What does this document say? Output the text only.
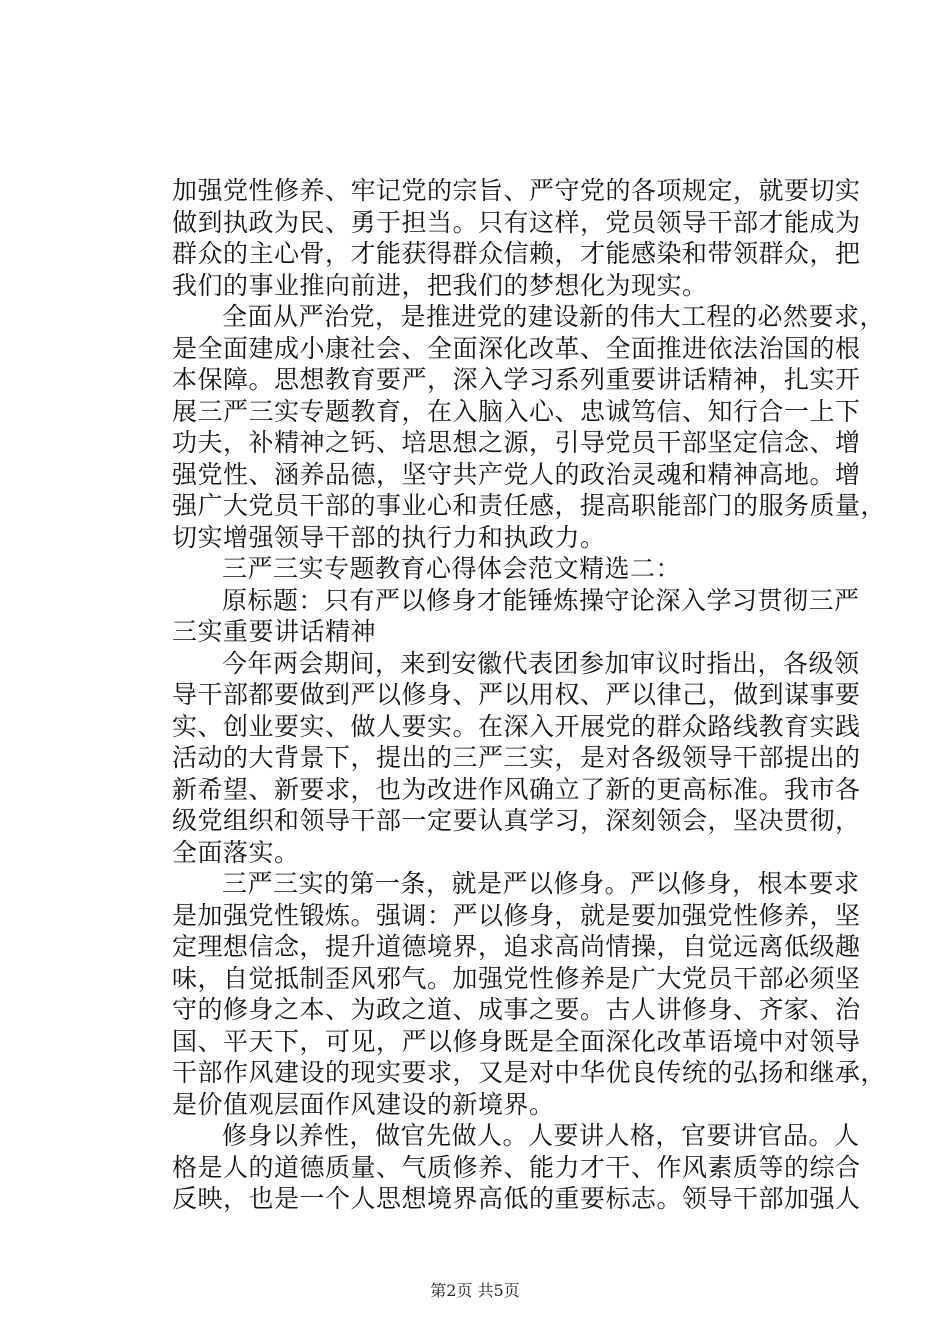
加强党性修养、牢记党的宗旨、严守党的各项规定，就要切实
做到执政为民、勇于担当。只有这样，党员领导干部才能成为
群众的主心骨，才能获得群众信赖，才能感染和带领群众，把
我们的事业推向前进，把我们的梦想化为现实。
全面从严治党，是推进党的建设新的伟大工程的必然要求，
是全面建成小康社会、全面深化改革、全面推进依法治国的根
本保障。思想教育要严，深入学习系列重要讲话精神，扎实开
展三严三实专题教育，在入脑入心、忠诚笃信、知行合一上下
功夫，补精神之钙、培思想之源，引导党员干部坚定信念、增
强党性、涵养品德，坚守共产党人的政治灵魂和精神高地。增
强广大党员干部的事业心和责任感，提高职能部门的服务质量，
切实增强领导干部的执行力和执政力。
三严三实专题教育心得体会范文精选二：
原标题：只有严以修身才能锤炼操守论深入学习贯彻三严
三实重要讲话精神
今年两会期间，来到安徽代表团参加审议时指出，各级领
导干部都要做到严以修身、严以用权、严以律己，做到谋事要
实、创业要实、做人要实。在深入开展党的群众路线教育实践
活动的大背景下，提出的三严三实，是对各级领导干部提出的
新希望、新要求，也为改进作风确立了新的更高标准。我市各
级党组织和领导干部一定要认真学习，深刻领会，坚决贯彻，
全面落实。
三严三实的第一条，就是严以修身。严以修身，根本要求
是加强党性锻炼。强调：严以修身，就是要加强党性修养，坚
定理想信念，提升道德境界，追求高尚情操，自觉远离低级趣
味，自觉抵制歪风邪气。加强党性修养是广大党员干部必须坚
守的修身之本、为政之道、成事之要。古人讲修身、齐家、治
国、平天下，可见，严以修身既是全面深化改革语境中对领导
干部作风建设的现实要求，又是对中华优良传统的弘扬和继承，
是价值观层面作风建设的新境界。
修身以养性，做官先做人。人要讲人格，官要讲官品。人
格是人的道德质量、气质修养、能力才干、作风素质等的综合
反映，也是一个人思想境界高低的重要标志。领导干部加强人
第2页 共5页
